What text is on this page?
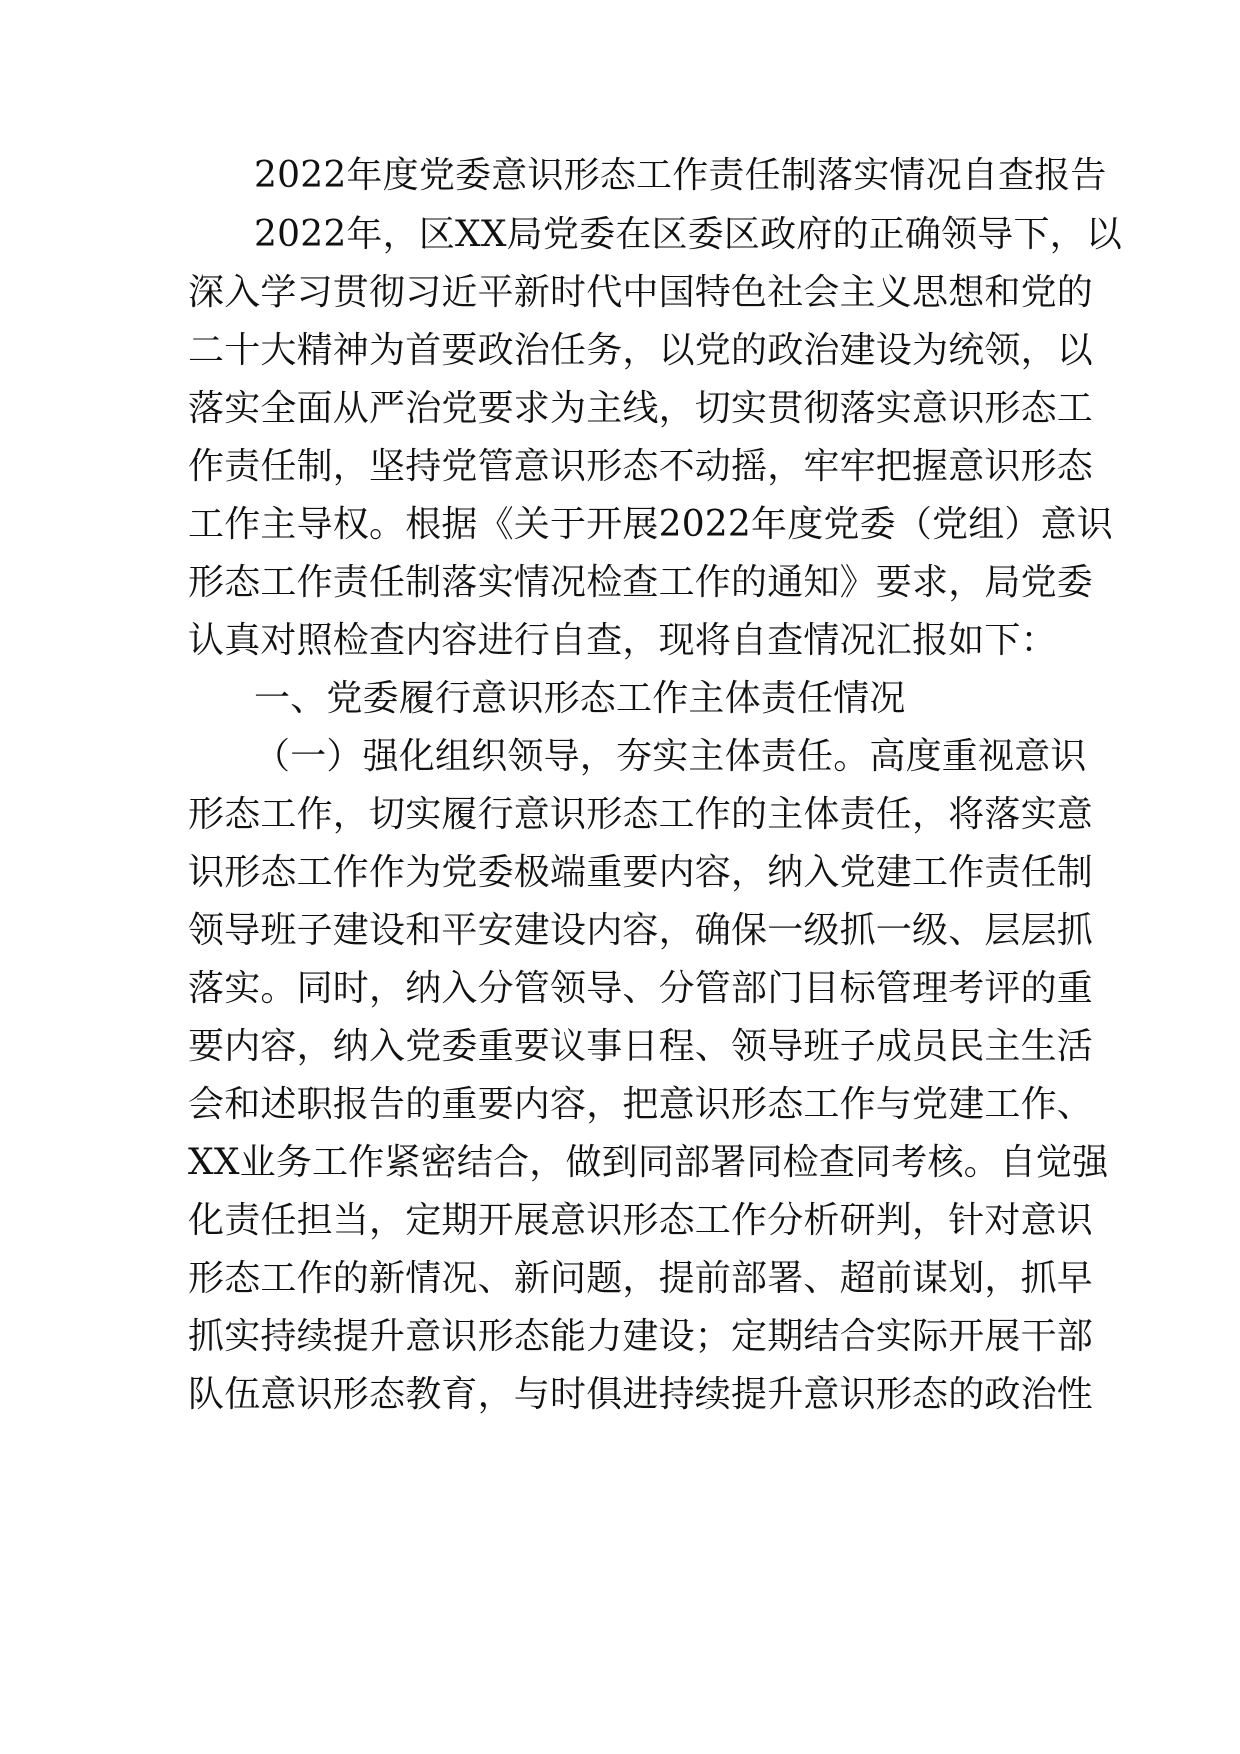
2022年度党委意识形态工作责任制落实情况自查报告
2022年，区XX局党委在区委区政府的正确领导下，以
深入学习贯彻习近平新时代中国特色社会主义思想和党的
二十大精神为首要政治任务，以党的政治建设为统领，以
落实全面从严治党要求为主线，切实贯彻落实意识形态工
作责任制，坚持党管意识形态不动摇，牢牢把握意识形态
工作主导权。根据《关于开展2022年度党委（党组）意识
形态工作责任制落实情况检查工作的通知》要求，局党委
认真对照检查内容进行自查，现将自查情况汇报如下：
一、党委履行意识形态工作主体责任情况
（一）强化组织领导，夯实主体责任。高度重视意识
形态工作，切实履行意识形态工作的主体责任，将落实意
识形态工作作为党委极端重要内容，纳入党建工作责任制
领导班子建设和平安建设内容，确保一级抓一级、层层抓
落实。同时，纳入分管领导、分管部门目标管理考评的重
要内容，纳入党委重要议事日程、领导班子成员民主生活
会和述职报告的重要内容，把意识形态工作与党建工作、
XX业务工作紧密结合，做到同部署同检查同考核。自觉强
化责任担当，定期开展意识形态工作分析研判，针对意识
形态工作的新情况、新问题，提前部署、超前谋划，抓早
抓实持续提升意识形态能力建设；定期结合实际开展干部
队伍意识形态教育，与时俱进持续提升意识形态的政治性
